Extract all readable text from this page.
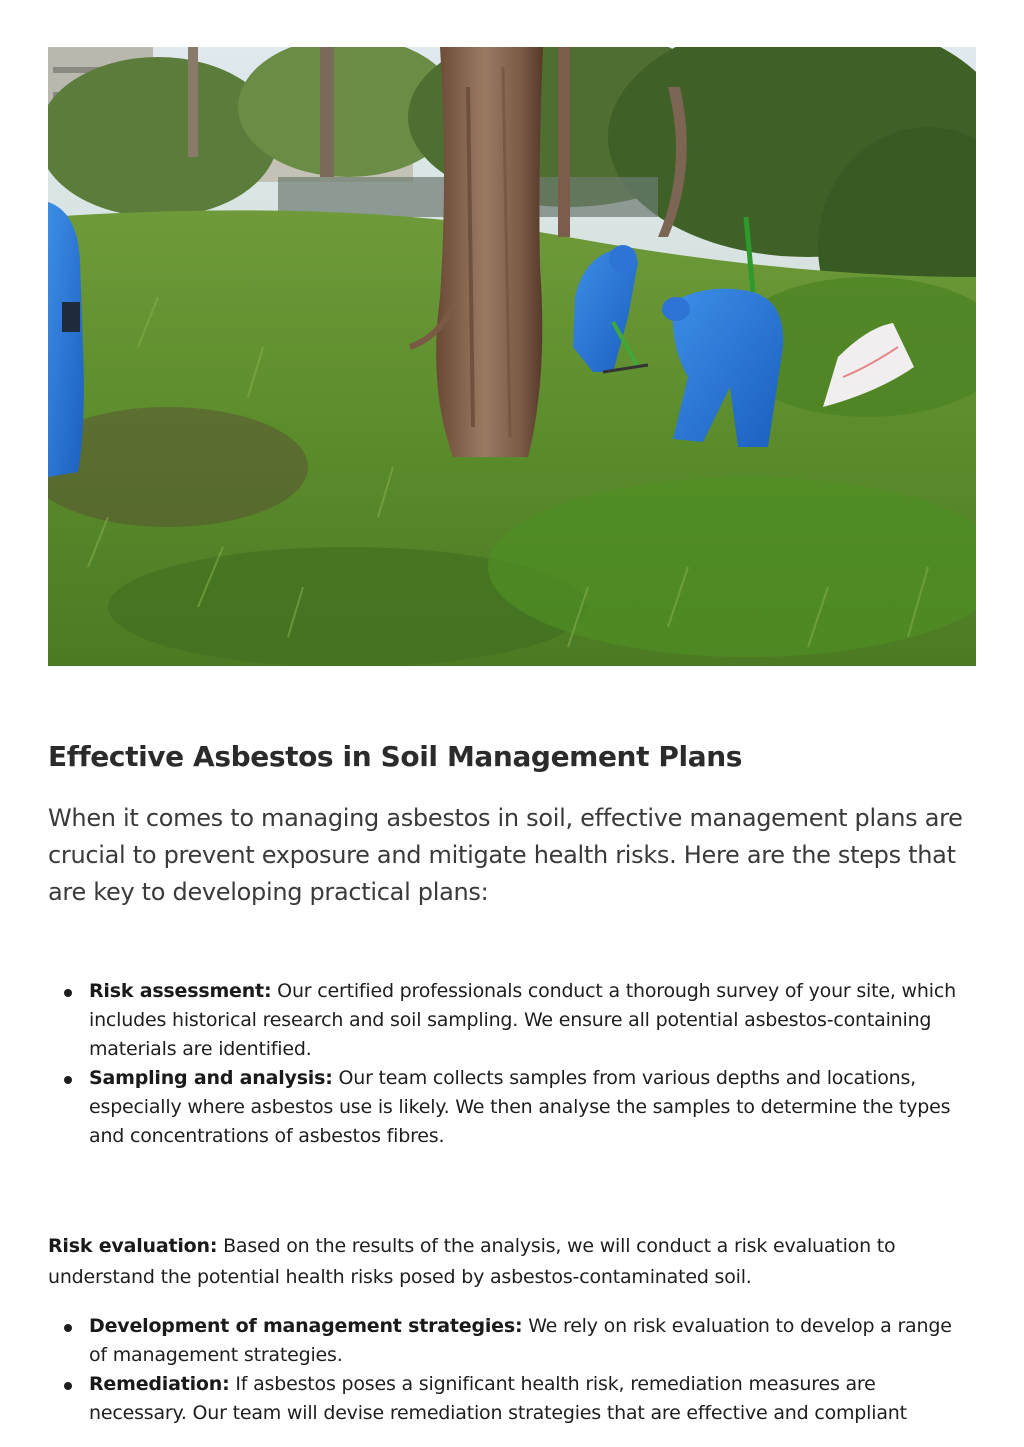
Effective Asbestos in Soil Management Plans

When it comes to managing asbestos in soil, effective management plans are crucial to prevent exposure and mitigate health risks. Here are the steps that are key to developing practical plans:

Risk assessment: Our certified professionals conduct a thorough survey of your site, which includes historical research and soil sampling. We ensure all potential asbestos-containing materials are identified.
Sampling and analysis: Our team collects samples from various depths and locations, especially where asbestos use is likely. We then analyse the samples to determine the types and concentrations of asbestos fibres.

Risk evaluation: Based on the results of the analysis, we will conduct a risk evaluation to understand the potential health risks posed by asbestos-contaminated soil.

Development of management strategies: We rely on risk evaluation to develop a range of management strategies.
Remediation: If asbestos poses a significant health risk, remediation measures are necessary. Our team will devise remediation strategies that are effective and compliant
